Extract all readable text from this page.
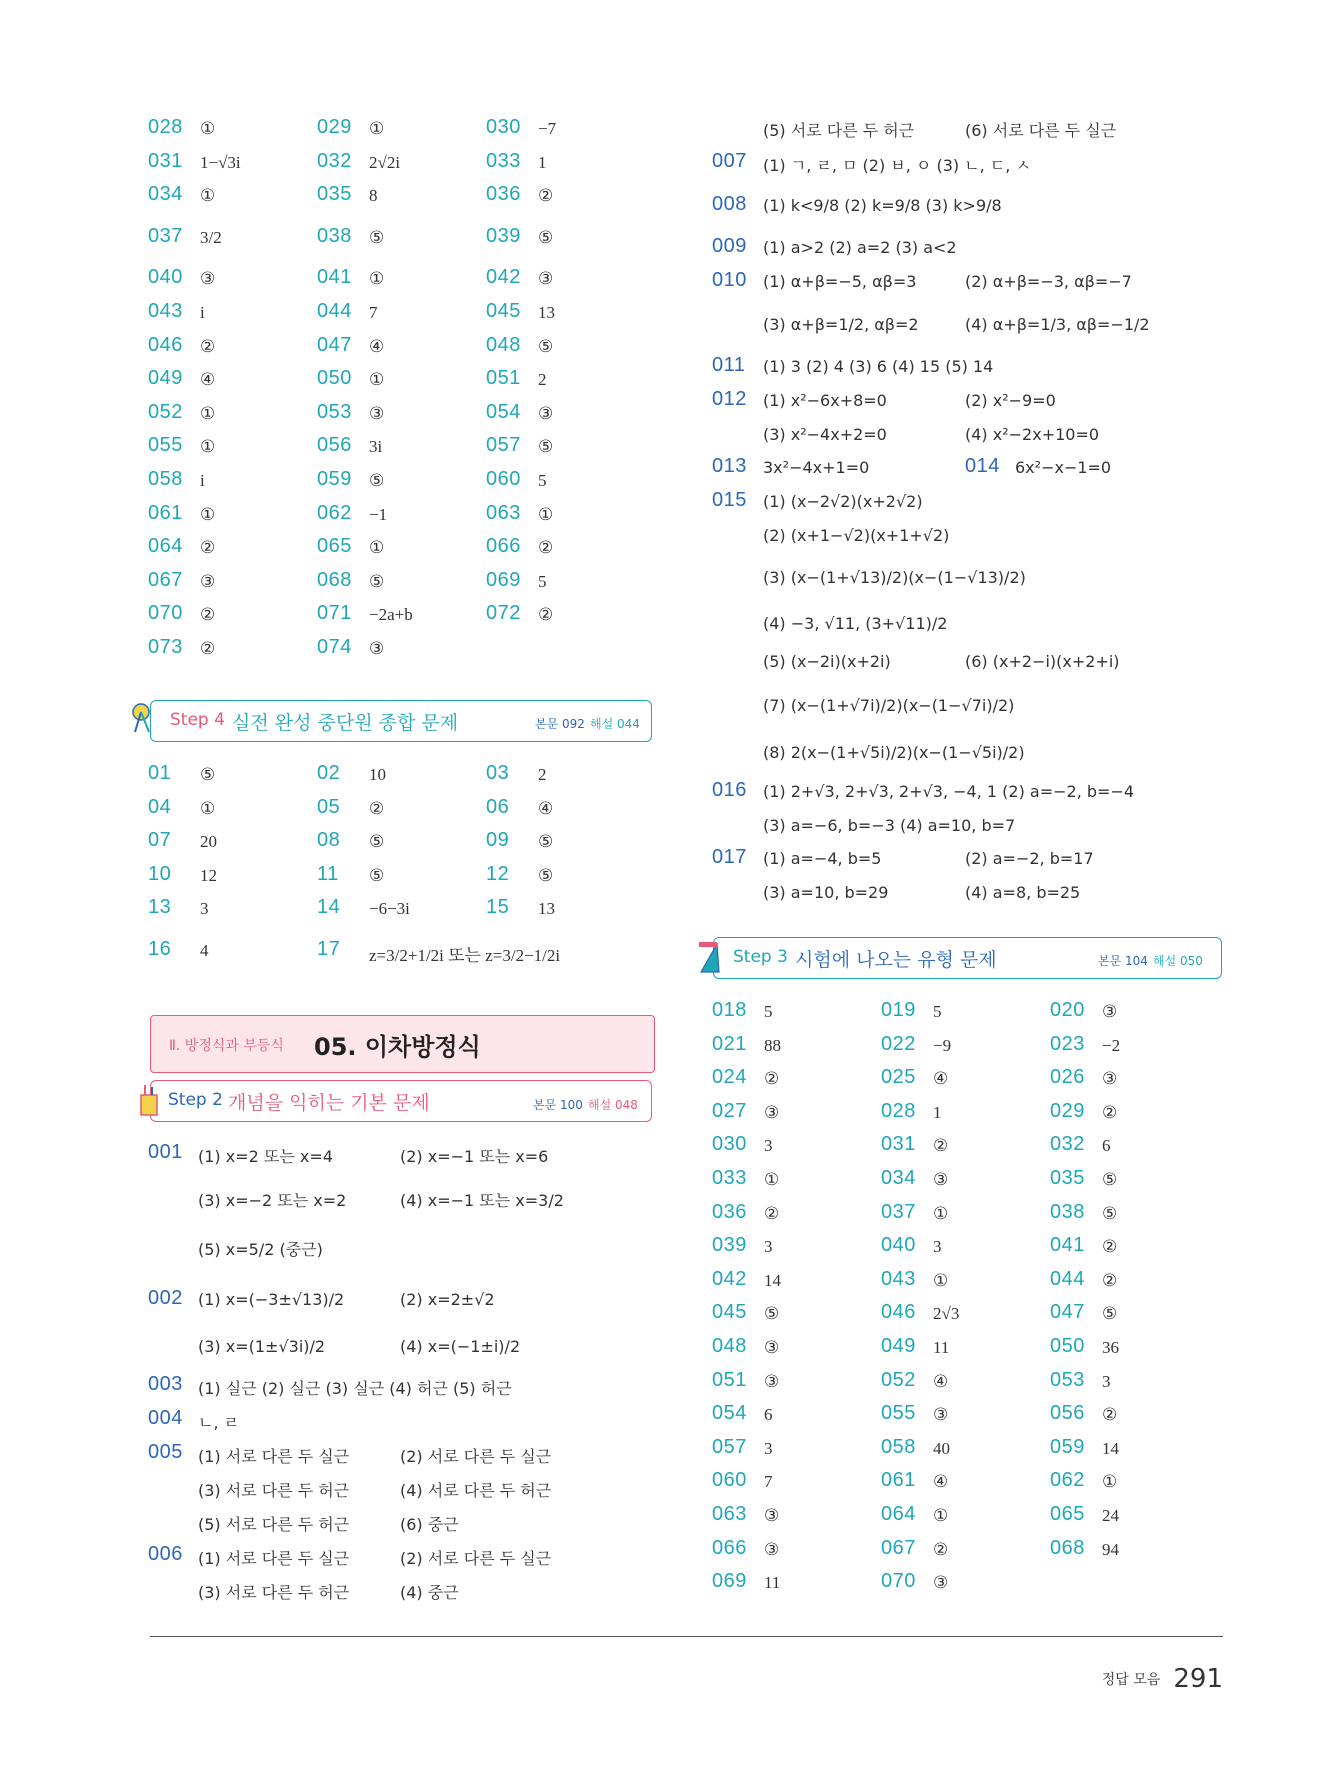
028 ①	029 ①	030 −7
031 1−√3i	032 2√2i	033 1
034 ①	035 8	036 ②
037 3/2	038 ⑤	039 ⑤
040 ③	041 ①	042 ③
043 i	044 7	045 13
046 ②	047 ④	048 ⑤
049 ④	050 ①	051 2
052 ①	053 ③	054 ③
055 ①	056 3i	057 ⑤
058 i	059 ⑤	060 5
061 ①	062 −1	063 ①
064 ②	065 ①	066 ②
067 ③	068 ⑤	069 5
070 ②	071 −2a+b	072 ②
073 ②	074 ③
01 ⑤	02 10	03 2
04 ①	05 ②	06 ④
07 20	08 ⑤	09 ⑤
10 12	11 ⑤	12 ⑤
13 3	14 −6−3i	15 13
16 4	17 z=3/2+1/2i 또는 z=3/2−1/2i
018 5	019 5	020 ③
021 88	022 −9	023 −2
024 ②	025 ④	026 ③
027 ③	028 1	029 ②
030 3	031 ②	032 6
033 ①	034 ③	035 ⑤
036 ②	037 ①	038 ⑤
039 3	040 3	041 ②
042 14	043 ①	044 ②
045 ⑤	046 2√3	047 ⑤
048 ③	049 11	050 36
051 ③	052 ④	053 3
054 6	055 ③	056 ②
057 3	058 40	059 14
060 7	061 ④	062 ①
063 ③	064 ①	065 24
066 ③	067 ②	068 94
069 11	070 ③
Ⅱ. 방정식과 부등식 05. 이차방정식
Step 4 실전 완성 중단원 종합 문제	본문 092 해설 044
Step 2 개념을 익히는 기본 문제	본문 100 해설 048
Step 3 시험에 나오는 유형 문제	본문 104 해설 050
001 (1) x=2 또는 x=4	(2) x=−1 또는 x=6
(3) x=−2 또는 x=2	(4) x=−1 또는 x=3/2
(5) x=5/2 (중근)
002 (1) x=(−3±√13)/2	(2) x=2±√2
(3) x=(1±√3i)/2	(4) x=(−1±i)/2
003 (1) 실근 (2) 실근 (3) 실근 (4) 허근 (5) 허근
004 ㄴ, ㄹ
005 (1) 서로 다른 두 실근	(2) 서로 다른 두 실근
(3) 서로 다른 두 허근	(4) 서로 다른 두 허근
(5) 서로 다른 두 허근	(6) 중근
006 (1) 서로 다른 두 실근	(2) 서로 다른 두 실근
(3) 서로 다른 두 허근	(4) 중근
(5) 서로 다른 두 허근	(6) 서로 다른 두 실근
007 (1) ㄱ, ㄹ, ㅁ (2) ㅂ, ㅇ (3) ㄴ, ㄷ, ㅅ
008 (1) k<9/8 (2) k=9/8 (3) k>9/8
009 (1) a>2 (2) a=2 (3) a<2
010 (1) α+β=−5, αβ=3	(2) α+β=−3, αβ=−7
(3) α+β=1/2, αβ=2	(4) α+β=1/3, αβ=−1/2
011 (1) 3 (2) 4 (3) 6 (4) 15 (5) 14
012 (1) x²−6x+8=0	(2) x²−9=0
(3) x²−4x+2=0	(4) x²−2x+10=0
013 3x²−4x+1=0	014 6x²−x−1=0
015 (1) (x−2√2)(x+2√2)
(2) (x+1−√2)(x+1+√2)
(3) (x−(1+√13)/2)(x−(1−√13)/2)
(4) −3, √11, (3+√11)/2
(5) (x−2i)(x+2i)	(6) (x+2−i)(x+2+i)
(7) (x−(1+√7i)/2)(x−(1−√7i)/2)
(8) 2(x−(1+√5i)/2)(x−(1−√5i)/2)
016 (1) 2+√3, 2+√3, 2+√3, −4, 1 (2) a=−2, b=−4
(3) a=−6, b=−3 (4) a=10, b=7
017 (1) a=−4, b=5	(2) a=−2, b=17
(3) a=10, b=29	(4) a=8, b=25
정답 모음 291
